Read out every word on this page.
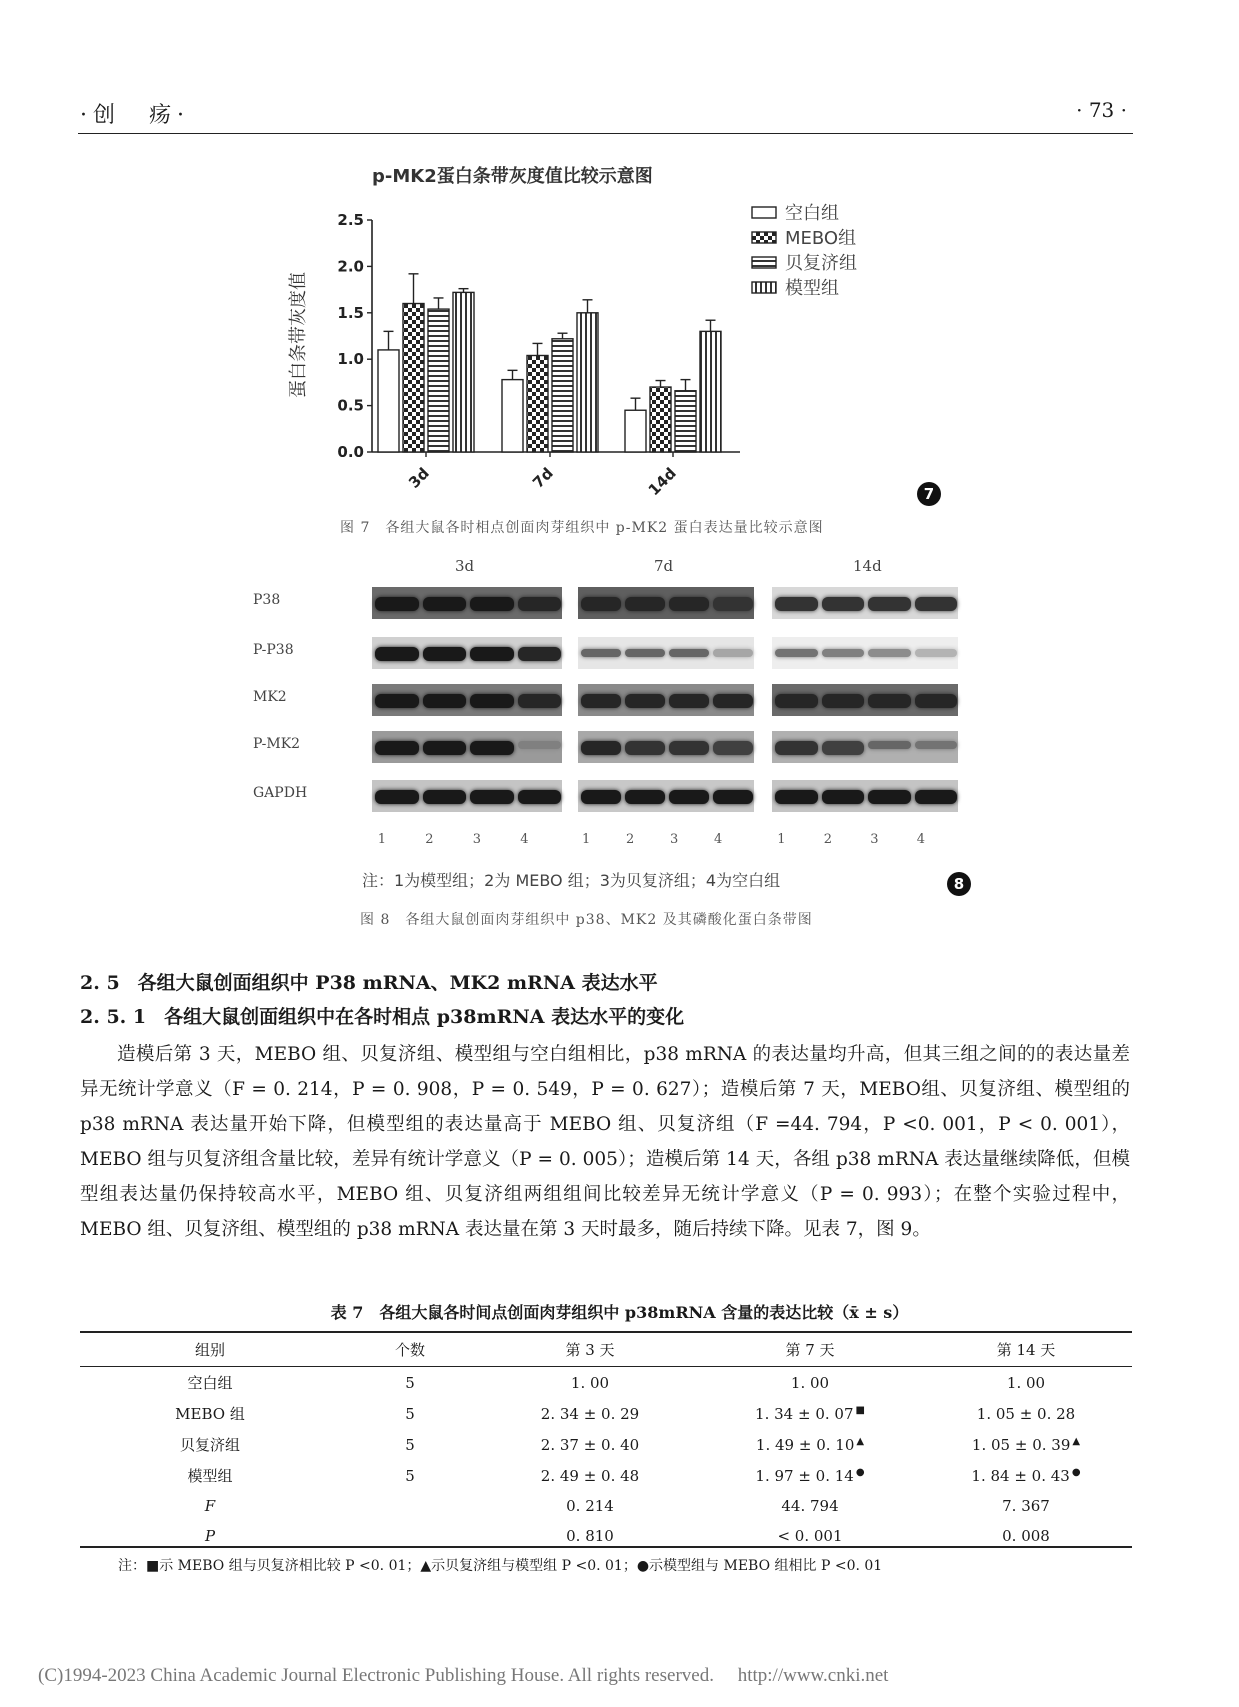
·创　疡·	· 73 ·
p-MK2蛋白条带灰度值比较示意图
蛋白条带灰度值
0.0
0.5
1.0
1.5
2.0
2.5
3d	7d	14d
空白组
MEBO组
贝复济组
模型组
7
图 7　各组大鼠各时相点创面肉芽组织中 p-MK2 蛋白表达量比较示意图
3d	7d	14d
P38
P-P38
MK2
P-MK2
GAPDH
1	2	3	4	1	2	3	4	1	2	3	4
注：1为模型组；2为 MEBO 组；3为贝复济组；4为空白组	8
图 8　各组大鼠创面肉芽组织中 p38、MK2 及其磷酸化蛋白条带图
2. 5 各组大鼠创面组织中 P38 mRNA、MK2 mRNA 表达水平
2. 5. 1 各组大鼠创面组织中在各时相点 p38mRNA 表达水平的变化
造模后第 3 天，MEBO 组、贝复济组、模型组与空白组相比，p38 mRNA 的表达量均升高，但其三组之间的的表达量差异无统计学意义（F = 0. 214，P = 0. 908，P = 0. 549，P = 0. 627）；造模后第 7 天，MEBO组、贝复济组、模型组的 p38 mRNA 表达量开始下降，但模型组的表达量高于 MEBO 组、贝复济组（F =44. 794，P <0. 001，P < 0. 001），MEBO 组与贝复济组含量比较，差异有统计学意义（P = 0. 005）；造模后第 14 天，各组 p38 mRNA 表达量继续降低，但模型组表达量仍保持较高水平，MEBO 组、贝复济组两组组间比较差异无统计学意义（P = 0. 993）；在整个实验过程中，MEBO 组、贝复济组、模型组的 p38 mRNA 表达量在第 3 天时最多，随后持续下降。见表 7，图 9。
表 7　各组大鼠各时间点创面肉芽组织中 p38mRNA 含量的表达比较（x̄ ± s）
组别	个数	第 3 天	第 7 天	第 14 天
空白组	5	1. 00	1. 00	1. 00
MEBO 组	5	2. 34 ± 0. 29	1. 34 ± 0. 07 ■	1. 05 ± 0. 28
贝复济组	5	2. 37 ± 0. 40	1. 49 ± 0. 10 ▲	1. 05 ± 0. 39 ▲
模型组	5	2. 49 ± 0. 48	1. 97 ± 0. 14 ●	1. 84 ± 0. 43 ●
F		0. 214	44. 794	7. 367
P		0. 810	< 0. 001	0. 008
注：■示 MEBO 组与贝复济相比较 P <0. 01；▲示贝复济组与模型组 P <0. 01；●示模型组与 MEBO 组相比 P <0. 01
(C)1994-2023 China Academic Journal Electronic Publishing House. All rights reserved.　 http://www.cnki.net
